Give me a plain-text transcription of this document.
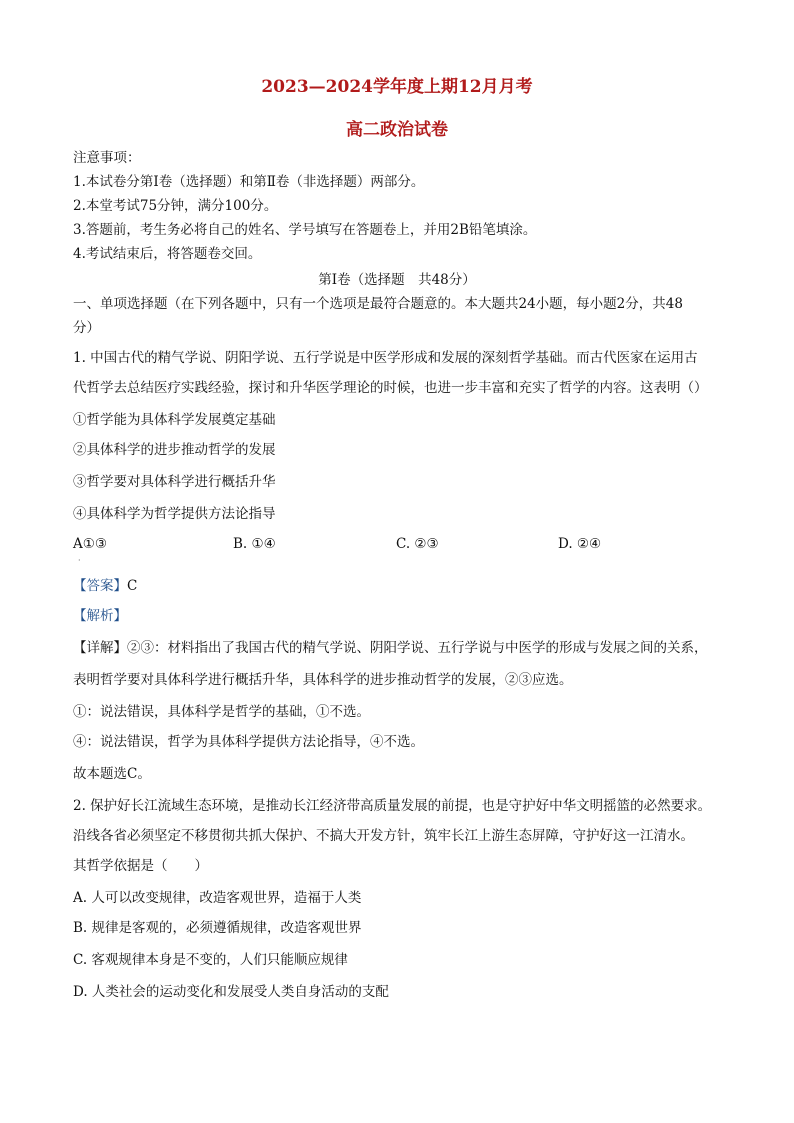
2023—2024学年度上期12月月考
高二政治试卷
注意事项：
1.本试卷分第Ⅰ卷（选择题）和第Ⅱ卷（非选择题）两部分。
2.本堂考试75分钟，满分100分。
3.答题前，考生务必将自己的姓名、学号填写在答题卷上，并用2B铅笔填涂。
4.考试结束后，将答题卷交回。
第Ⅰ卷（选择题　共48分）
一、单项选择题（在下列各题中，只有一个选项是最符合题意的。本大题共24小题，每小题2分，共48
分）
1. 中国古代的精气学说、阴阳学说、五行学说是中医学形成和发展的深刻哲学基础。而古代医家在运用古
代哲学去总结医疗实践经验，探讨和升华医学理论的时候，也进一步丰富和充实了哲学的内容。这表明（）
①哲学能为具体科学发展奠定基础
②具体科学的进步推动哲学的发展
③哲学要对具体科学进行概括升华
④具体科学为哲学提供方法论指导
A①③	B. ①④	C. ②③	D. ②④
·
【答案】C
【解析】
【详解】②③：材料指出了我国古代的精气学说、阴阳学说、五行学说与中医学的形成与发展之间的关系，
表明哲学要对具体科学进行概括升华，具体科学的进步推动哲学的发展，②③应选。
①：说法错误，具体科学是哲学的基础，①不选。
④：说法错误，哲学为具体科学提供方法论指导，④不选。
故本题选C。
2. 保护好长江流域生态环境，是推动长江经济带高质量发展的前提，也是守护好中华文明摇篮的必然要求。
沿线各省必须坚定不移贯彻共抓大保护、不搞大开发方针，筑牢长江上游生态屏障，守护好这一江清水。
其哲学依据是（　　）
A. 人可以改变规律，改造客观世界，造福于人类
B. 规律是客观的，必须遵循规律，改造客观世界
C. 客观规律本身是不变的，人们只能顺应规律
D. 人类社会的运动变化和发展受人类自身活动的支配
